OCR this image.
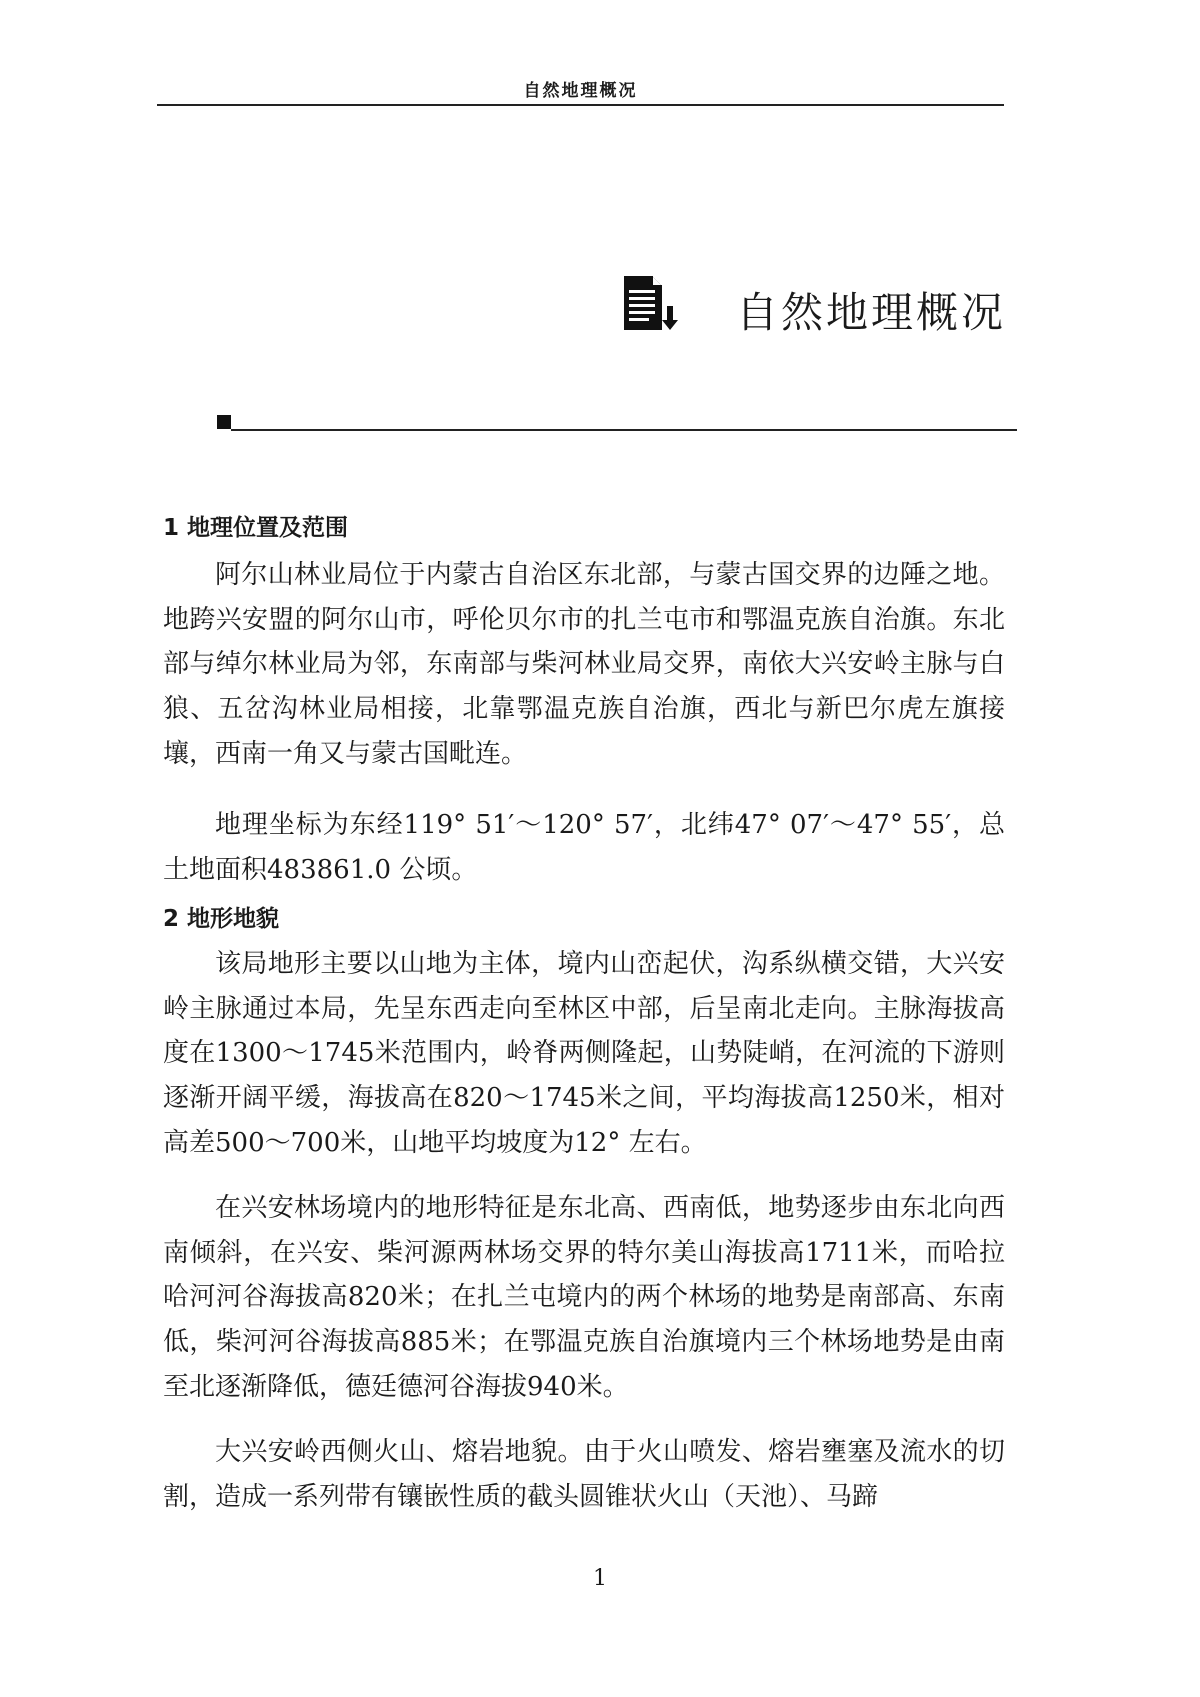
自然地理概况
自然地理概况
1 地理位置及范围

阿尔山林业局位于内蒙古自治区东北部，与蒙古国交界的边陲之地。地跨兴安盟的阿尔山市，呼伦贝尔市的扎兰屯市和鄂温克族自治旗。东北部与绰尔林业局为邻，东南部与柴河林业局交界，南依大兴安岭主脉与白狼、五岔沟林业局相接，北靠鄂温克族自治旗，西北与新巴尔虎左旗接壤，西南一角又与蒙古国毗连。

地理坐标为东经119° 51′～120° 57′，北纬47° 07′～47° 55′，总土地面积483861.0 公顷。

2 地形地貌

该局地形主要以山地为主体，境内山峦起伏，沟系纵横交错，大兴安岭主脉通过本局，先呈东西走向至林区中部，后呈南北走向。主脉海拔高度在1300～1745米范围内，岭脊两侧隆起，山势陡峭，在河流的下游则逐渐开阔平缓，海拔高在820～1745米之间，平均海拔高1250米，相对高差500～700米，山地平均坡度为12° 左右。

在兴安林场境内的地形特征是东北高、西南低，地势逐步由东北向西南倾斜，在兴安、柴河源两林场交界的特尔美山海拔高1711米，而哈拉哈河河谷海拔高820米；在扎兰屯境内的两个林场的地势是南部高、东南低，柴河河谷海拔高885米；在鄂温克族自治旗境内三个林场地势是由南至北逐渐降低，德廷德河谷海拔940米。

大兴安岭西侧火山、熔岩地貌。由于火山喷发、熔岩壅塞及流水的切割，造成一系列带有镶嵌性质的截头圆锥状火山（天池）、马蹄

1
